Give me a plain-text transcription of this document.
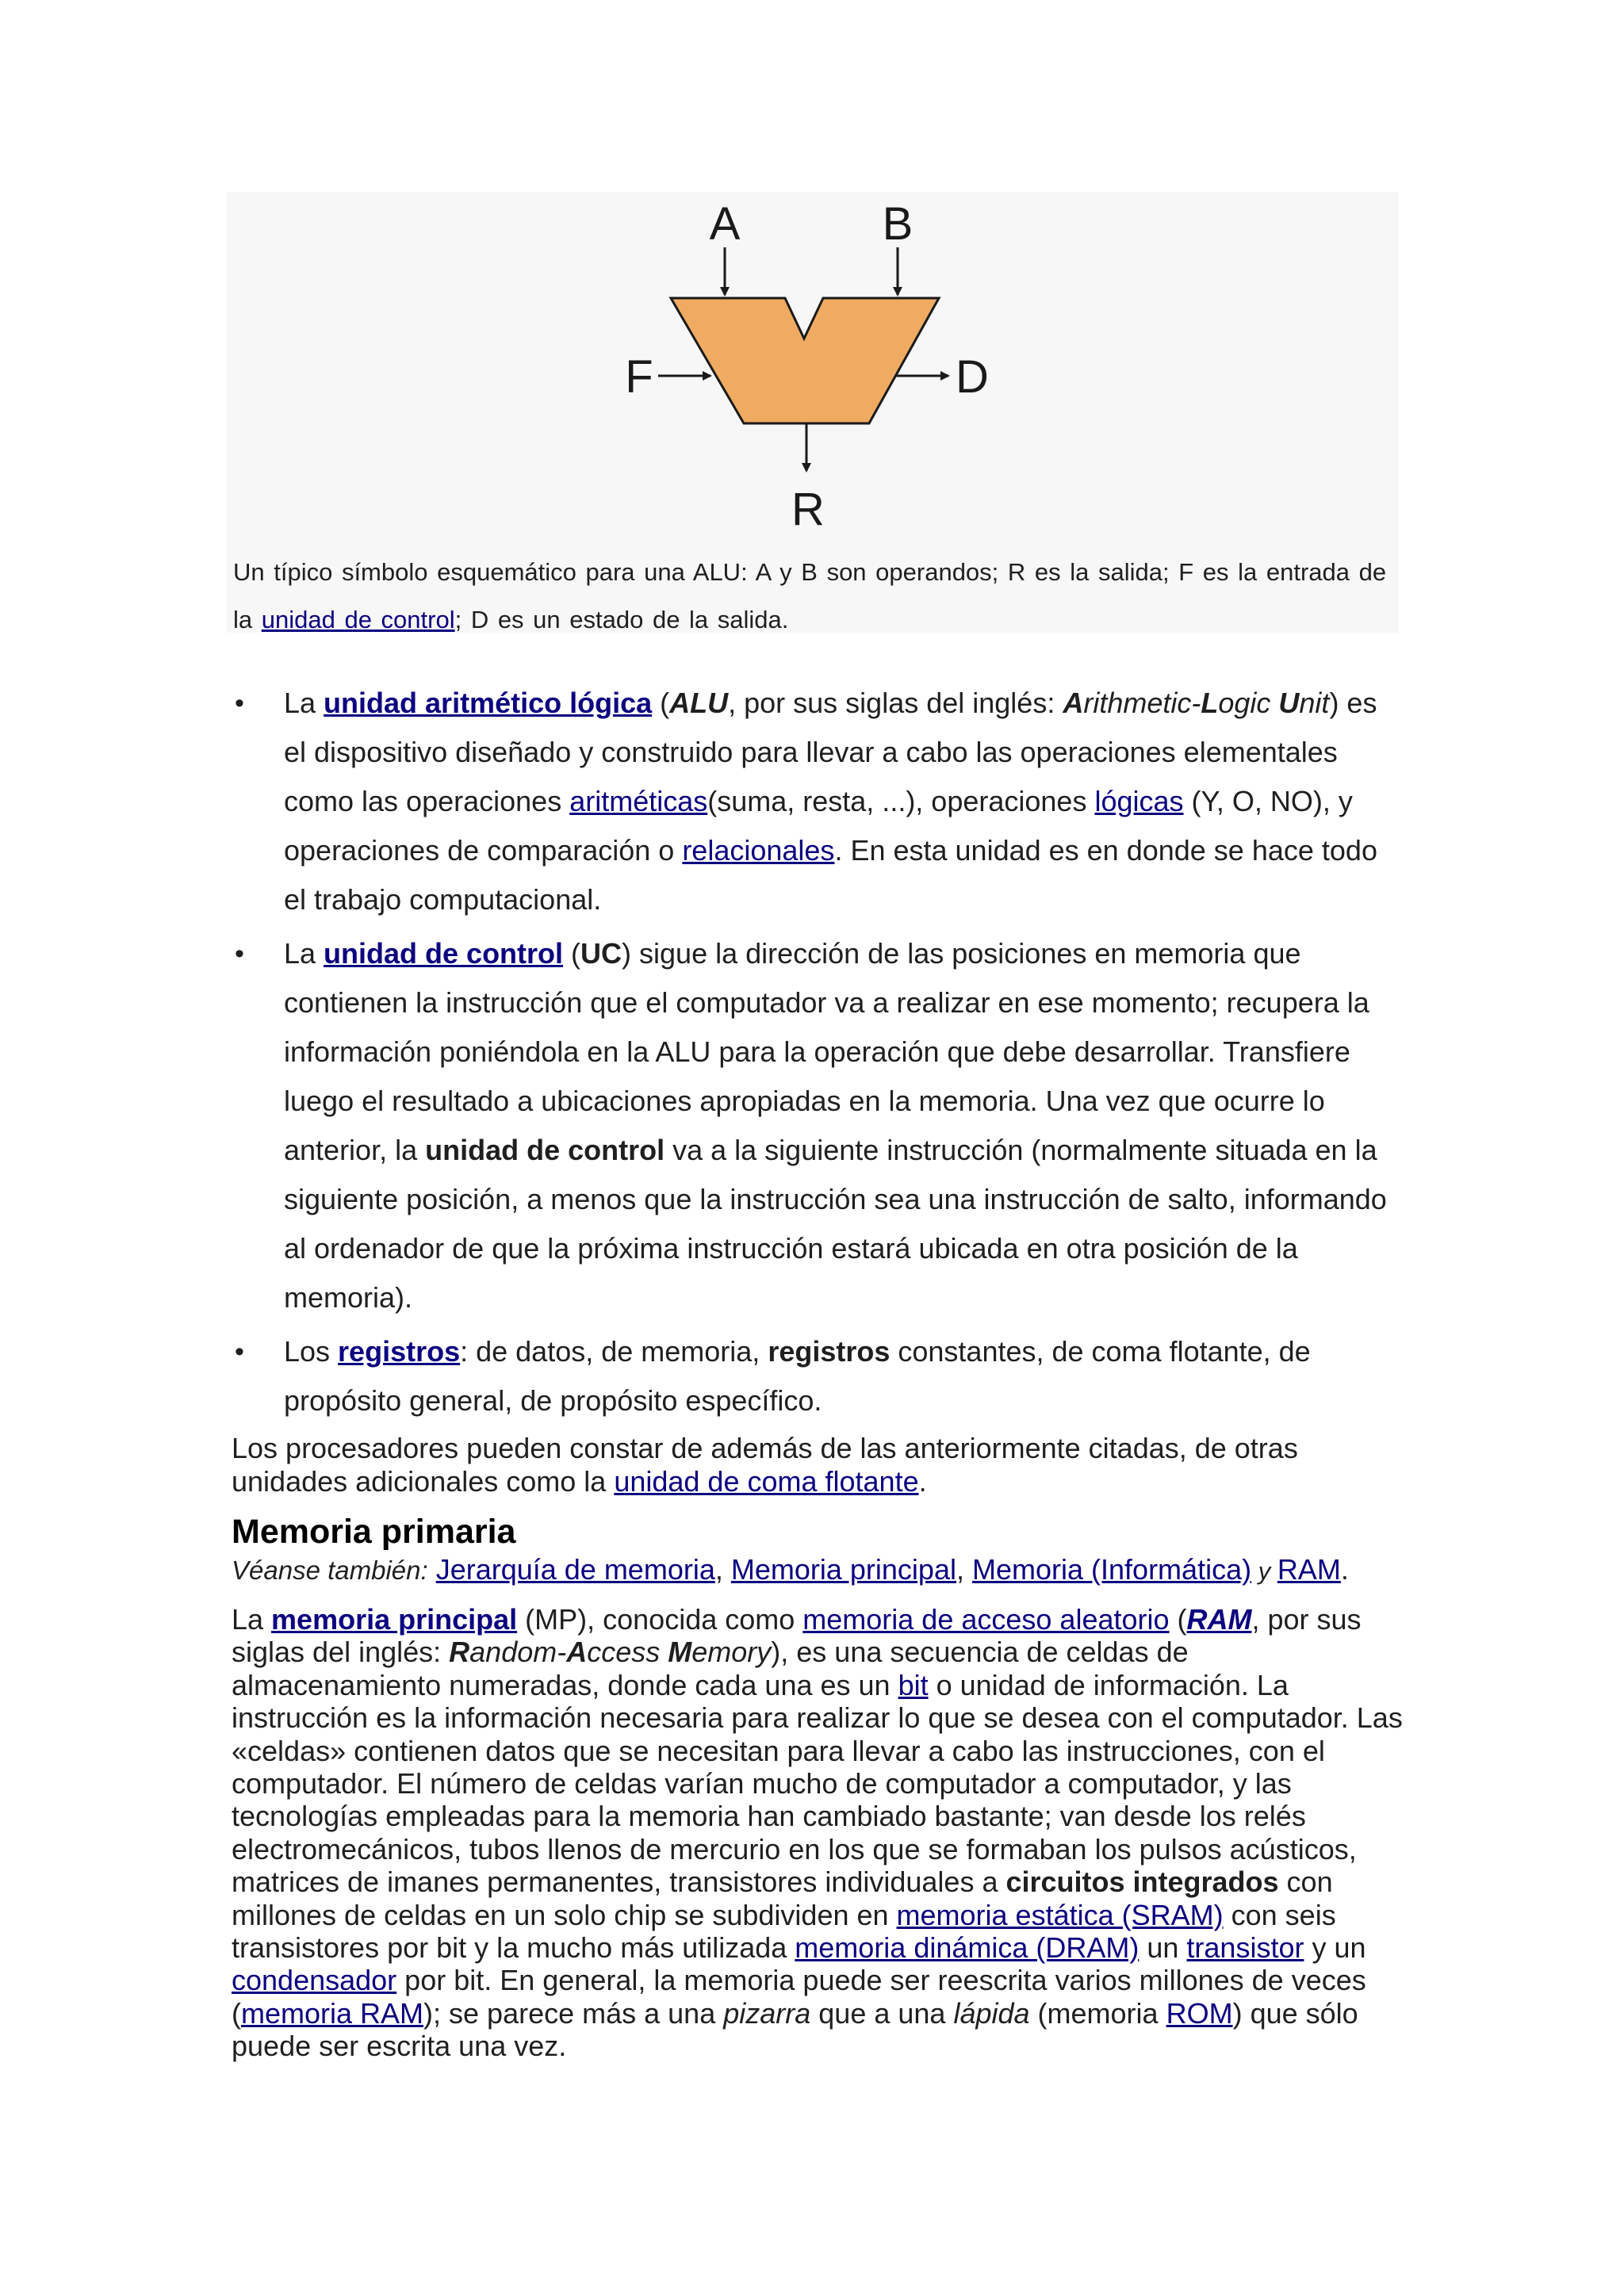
A	B
F	D
R
Un típico símbolo esquemático para una ALU: A y B son operandos; R es la salida; F es la entrada de la unidad de control; D es un estado de la salida.
• La unidad aritmético lógica (ALU, por sus siglas del inglés: Arithmetic-Logic Unit) es el dispositivo diseñado y construido para llevar a cabo las operaciones elementales como las operaciones aritméticas(suma, resta, ...), operaciones lógicas (Y, O, NO), y operaciones de comparación o relacionales. En esta unidad es en donde se hace todo el trabajo computacional.
• La unidad de control (UC) sigue la dirección de las posiciones en memoria que contienen la instrucción que el computador va a realizar en ese momento; recupera la información poniéndola en la ALU para la operación que debe desarrollar. Transfiere luego el resultado a ubicaciones apropiadas en la memoria. Una vez que ocurre lo anterior, la unidad de control va a la siguiente instrucción (normalmente situada en la siguiente posición, a menos que la instrucción sea una instrucción de salto, informando al ordenador de que la próxima instrucción estará ubicada en otra posición de la memoria).
• Los registros: de datos, de memoria, registros constantes, de coma flotante, de propósito general, de propósito específico.

Los procesadores pueden constar de además de las anteriormente citadas, de otras unidades adicionales como la unidad de coma flotante.

Memoria primaria
Véanse también: Jerarquía de memoria, Memoria principal, Memoria (Informática) y RAM.

La memoria principal (MP), conocida como memoria de acceso aleatorio (RAM, por sus siglas del inglés: Random-Access Memory), es una secuencia de celdas de almacenamiento numeradas, donde cada una es un bit o unidad de información. La instrucción es la información necesaria para realizar lo que se desea con el computador. Las «celdas» contienen datos que se necesitan para llevar a cabo las instrucciones, con el computador. El número de celdas varían mucho de computador a computador, y las tecnologías empleadas para la memoria han cambiado bastante; van desde los relés electromecánicos, tubos llenos de mercurio en los que se formaban los pulsos acústicos, matrices de imanes permanentes, transistores individuales a circuitos integrados con millones de celdas en un solo chip se subdividen en memoria estática (SRAM) con seis transistores por bit y la mucho más utilizada memoria dinámica (DRAM) un transistor y un condensador por bit. En general, la memoria puede ser reescrita varios millones de veces (memoria RAM); se parece más a una pizarra que a una lápida (memoria ROM) que sólo puede ser escrita una vez.
